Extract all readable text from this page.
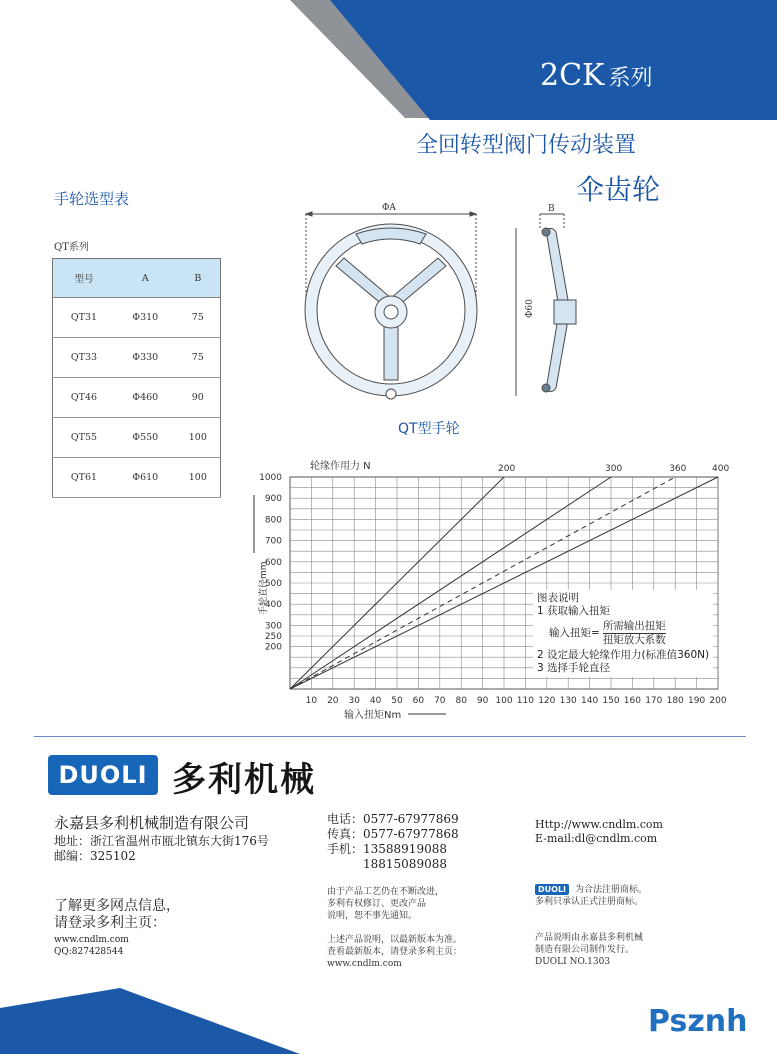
2CK 系列
全回转型阀门传动装置
伞齿轮
手轮选型表
QT系列
型号	A	B
QT31	Φ310	75
QT33	Φ330	75
QT46	Φ460	90
QT55	Φ550	100
QT61	Φ610	100
ΦA	B
Φ60
QT型手轮
10 20 30 40 50 60 70 80 90 100 110 120 130 140 150 160 170 180 190 200
1000
900
800
700
600
500
400
300
250
200
200	300	360	400
轮缘作用力 N
输入扭矩Nm
手轮直径mm	图表说明
1 获取输入扭矩
输入扭矩=
所需输出扭矩
扭矩放大系数
2 设定最大轮缘作用力(标准值360N)
3 选择手轮直径
DUOLI 多利机械
永嘉县多利机械制造有限公司
地址：浙江省温州市瓯北镇东大街176号
邮编：325102
电话：0577-67977869
传真：0577-67977868
手机：13588919088
18815089088
Http://www.cndlm.com
E-mail:dl@cndlm.com
了解更多网点信息，
请登录多利主页：
www.cndlm.com
QQ:827428544
由于产品工艺仍在不断改进，
多利有权修订、更改产品
说明，恕不事先通知。
上述产品说明，以最新版本为准。
查看最新版本，请登录多利主页：
www.cndlm.com
DUOLI 为合法注册商标。
多利只承认正式注册商标。
产品说明由永嘉县多利机械
制造有限公司制作发行。
DUOLI NO.1303
Psznh
